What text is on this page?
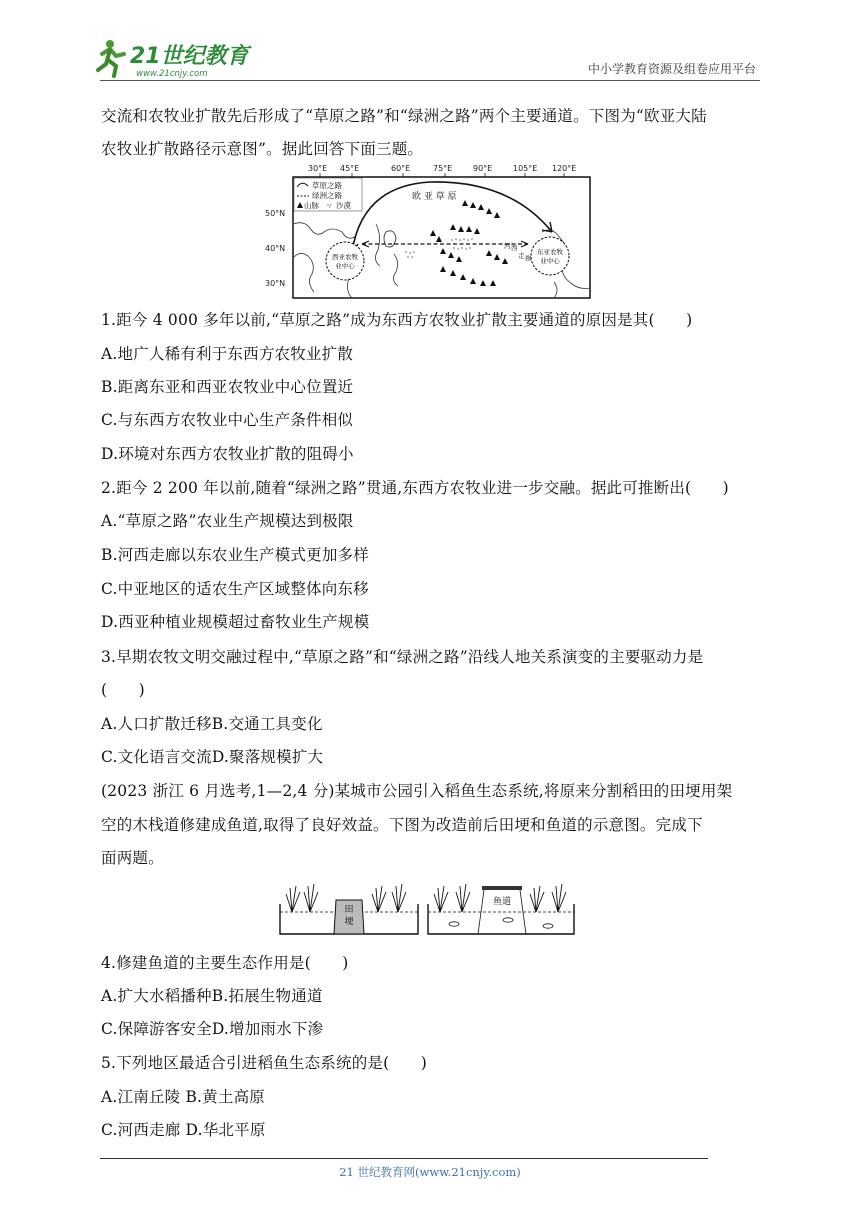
21世纪教育
www.21cnjy.com	中小学教育资源及组卷应用平台
交流和农牧业扩散先后形成了“草原之路”和“绿洲之路”两个主要通道。下图为“欧亚大陆
农牧业扩散路径示意图”。据此回答下面三题。
30°E 45°E	60°E	75°E	90°E	105°E 120°E
50°N
40°N
30°N
草原之路
绿洲之路
山脉 沙漠
欧 亚 草 原
河 西
走 廊
西亚农牧
业中心
东亚农牧
业中心
1.距今 4 000 多年以前,“草原之路”成为东西方农牧业扩散主要通道的原因是其(　　)
A.地广人稀有利于东西方农牧业扩散
B.距离东亚和西亚农牧业中心位置近
C.与东西方农牧业中心生产条件相似
D.环境对东西方农牧业扩散的阻碍小
2.距今 2 200 年以前,随着“绿洲之路”贯通,东西方农牧业进一步交融。据此可推断出(　　)
A.“草原之路”农业生产规模达到极限
B.河西走廊以东农业生产模式更加多样
C.中亚地区的适农生产区域整体向东移
D.西亚种植业规模超过畜牧业生产规模
3.早期农牧文明交融过程中,“草原之路”和“绿洲之路”沿线人地关系演变的主要驱动力是
(　　)
A.人口扩散迁移B.交通工具变化
C.文化语言交流D.聚落规模扩大
(2023 浙江 6 月选考,1—2,4 分)某城市公园引入稻鱼生态系统,将原来分割稻田的田埂用架
空的木栈道修建成鱼道,取得了良好效益。下图为改造前后田埂和鱼道的示意图。完成下
面两题。
田
埂
鱼道
4.修建鱼道的主要生态作用是(　　)
A.扩大水稻播种B.拓展生物通道
C.保障游客安全D.增加雨水下渗
5.下列地区最适合引进稻鱼生态系统的是(　　)
A.江南丘陵 B.黄土高原
C.河西走廊 D.华北平原
21 世纪教育网(www.21cnjy.com)
